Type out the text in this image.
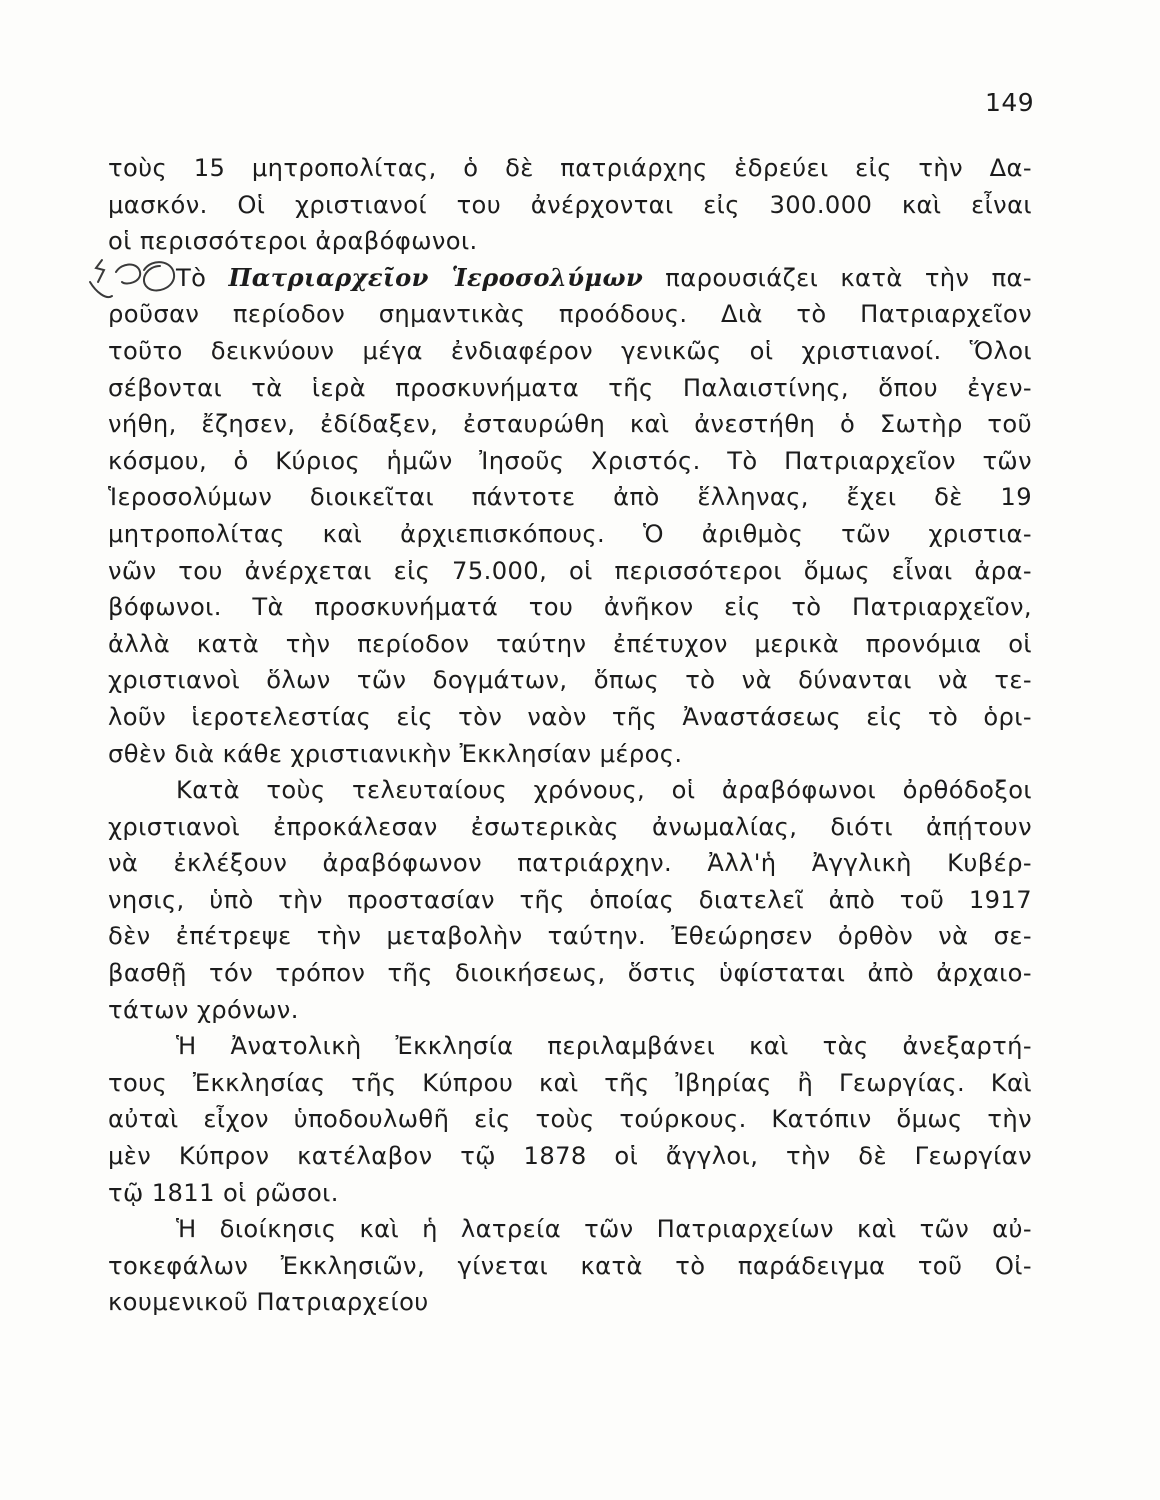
149
τοὺς 15 μητροπολίτας, ὁ δὲ πατριάρχης ἑδρεύει εἰς τὴν Δα-
μασκόν. Οἱ χριστιανοί του ἀνέρχονται εἰς 300.000 καὶ εἶναι
οἱ περισσότεροι ἀραβόφωνοι.
Τὸ Πατριαρχεῖον Ἱεροσολύμων παρουσιάζει κατὰ τὴν πα-
ροῦσαν περίοδον σημαντικὰς προόδους. Διὰ τὸ Πατριαρχεῖον
τοῦτο δεικνύουν μέγα ἐνδιαφέρον γενικῶς οἱ χριστιανοί. Ὅλοι
σέβονται τὰ ἱερὰ προσκυνήματα τῆς Παλαιστίνης, ὅπου ἐγεν-
νήθη, ἔζησεν, ἐδίδαξεν, ἐσταυρώθη καὶ ἀνεστήθη ὁ Σωτὴρ τοῦ
κόσμου, ὁ Κύριος ἡμῶν Ἰησοῦς Χριστός. Τὸ Πατριαρχεῖον τῶν
Ἱεροσολύμων διοικεῖται πάντοτε ἀπὸ ἕλληνας, ἔχει δὲ 19
μητροπολίτας καὶ ἀρχιεπισκόπους. Ὁ ἀριθμὸς τῶν χριστια-
νῶν του ἀνέρχεται εἰς 75.000, οἱ περισσότεροι ὅμως εἶναι ἀρα-
βόφωνοι. Τὰ προσκυνήματά του ἀνῆκον εἰς τὸ Πατριαρχεῖον,
ἀλλὰ κατὰ τὴν περίοδον ταύτην ἐπέτυχον μερικὰ προνόμια οἱ
χριστιανοὶ ὅλων τῶν δογμάτων, ὅπως τὸ νὰ δύνανται νὰ τε-
λοῦν ἱεροτελεστίας εἰς τὸν ναὸν τῆς Ἀναστάσεως εἰς τὸ ὁρι-
σθὲν διὰ κάθε χριστιανικὴν Ἐκκλησίαν μέρος.
Κατὰ τοὺς τελευταίους χρόνους, οἱ ἀραβόφωνοι ὀρθόδοξοι
χριστιανοὶ ἐπροκάλεσαν ἐσωτερικὰς ἀνωμαλίας, διότι ἀπῄτουν
νὰ ἐκλέξουν ἀραβόφωνον πατριάρχην. Ἀλλ'ἡ Ἀγγλικὴ Κυβέρ-
νησις, ὑπὸ τὴν προστασίαν τῆς ὁποίας διατελεῖ ἀπὸ τοῦ 1917
δὲν ἐπέτρεψε τὴν μεταβολὴν ταύτην. Ἐθεώρησεν ὀρθὸν νὰ σε-
βασθῇ τόν τρόπον τῆς διοικήσεως, ὅστις ὑφίσταται ἀπὸ ἀρχαιο-
τάτων χρόνων.
Ἡ Ἀνατολικὴ Ἐκκλησία περιλαμβάνει καὶ τὰς ἀνεξαρτή-
τους Ἐκκλησίας τῆς Κύπρου καὶ τῆς Ἰβηρίας ἢ Γεωργίας. Καὶ
αὐταὶ εἶχον ὑποδουλωθῆ εἰς τοὺς τούρκους. Κατόπιν ὅμως τὴν
μὲν Κύπρον κατέλαβον τῷ 1878 οἱ ἄγγλοι, τὴν δὲ Γεωργίαν
τῷ 1811 οἱ ρῶσοι.
Ἡ διοίκησις καὶ ἡ λατρεία τῶν Πατριαρχείων καὶ τῶν αὐ-
τοκεφάλων Ἐκκλησιῶν, γίνεται κατὰ τὸ παράδειγμα τοῦ Οἰ-
κουμενικοῦ Πατριαρχείου
